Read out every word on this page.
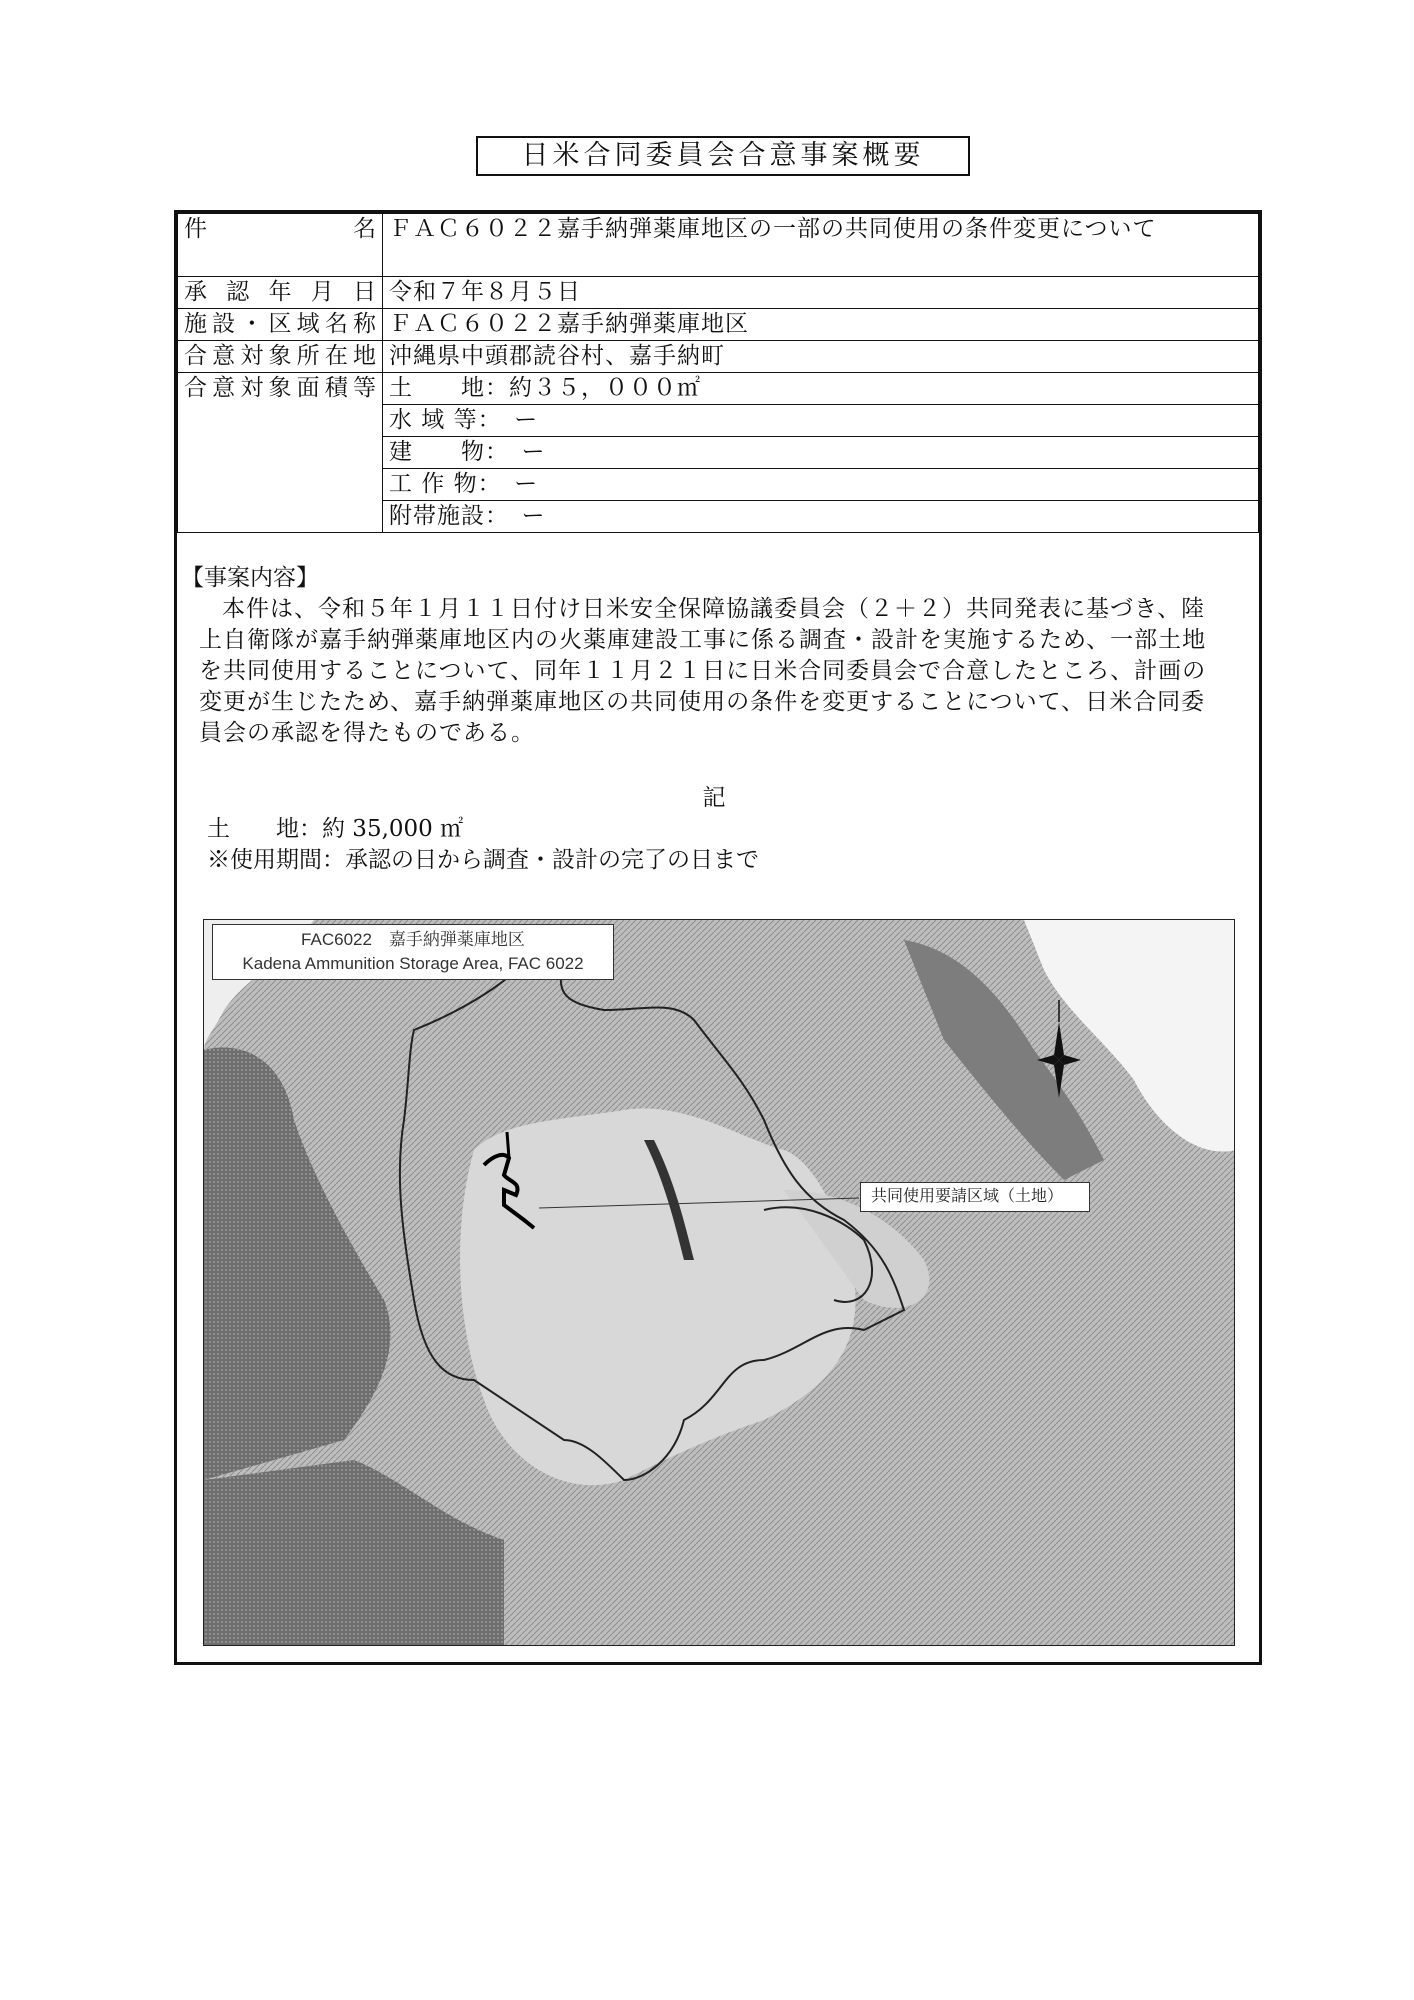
日米合同委員会合意事案概要
件　　　　　名	ＦＡＣ６０２２嘉手納弾薬庫地区の一部の共同使用の条件変更について
承認年月日	令和７年８月５日
施設・区域名称	ＦＡＣ６０２２嘉手納弾薬庫地区
合意対象所在地	沖縄県中頭郡読谷村、嘉手納町
合意対象面積等	土　　地：約３５，０００㎡
	水 域 等：　ー
	建　　物：　ー
	工 作 物：　ー
	附帯施設：　ー
【事案内容】

本件は、令和５年１月１１日付け日米安全保障協議委員会（２＋２）共同発表に基づき、陸上自衛隊が嘉手納弾薬庫地区内の火薬庫建設工事に係る調査・設計を実施するため、一部土地を共同使用することについて、同年１１月２１日に日米合同委員会で合意したところ、計画の変更が生じたため、嘉手納弾薬庫地区の共同使用の条件を変更することについて、日米合同委員会の承認を得たものである。

記
土　　地：約 35,000 ㎡
※使用期間：承認の日から調査・設計の完了の日まで
FAC6022　嘉手納弾薬庫地区
Kadena Ammunition Storage Area, FAC 6022
共同使用要請区域（土地）
